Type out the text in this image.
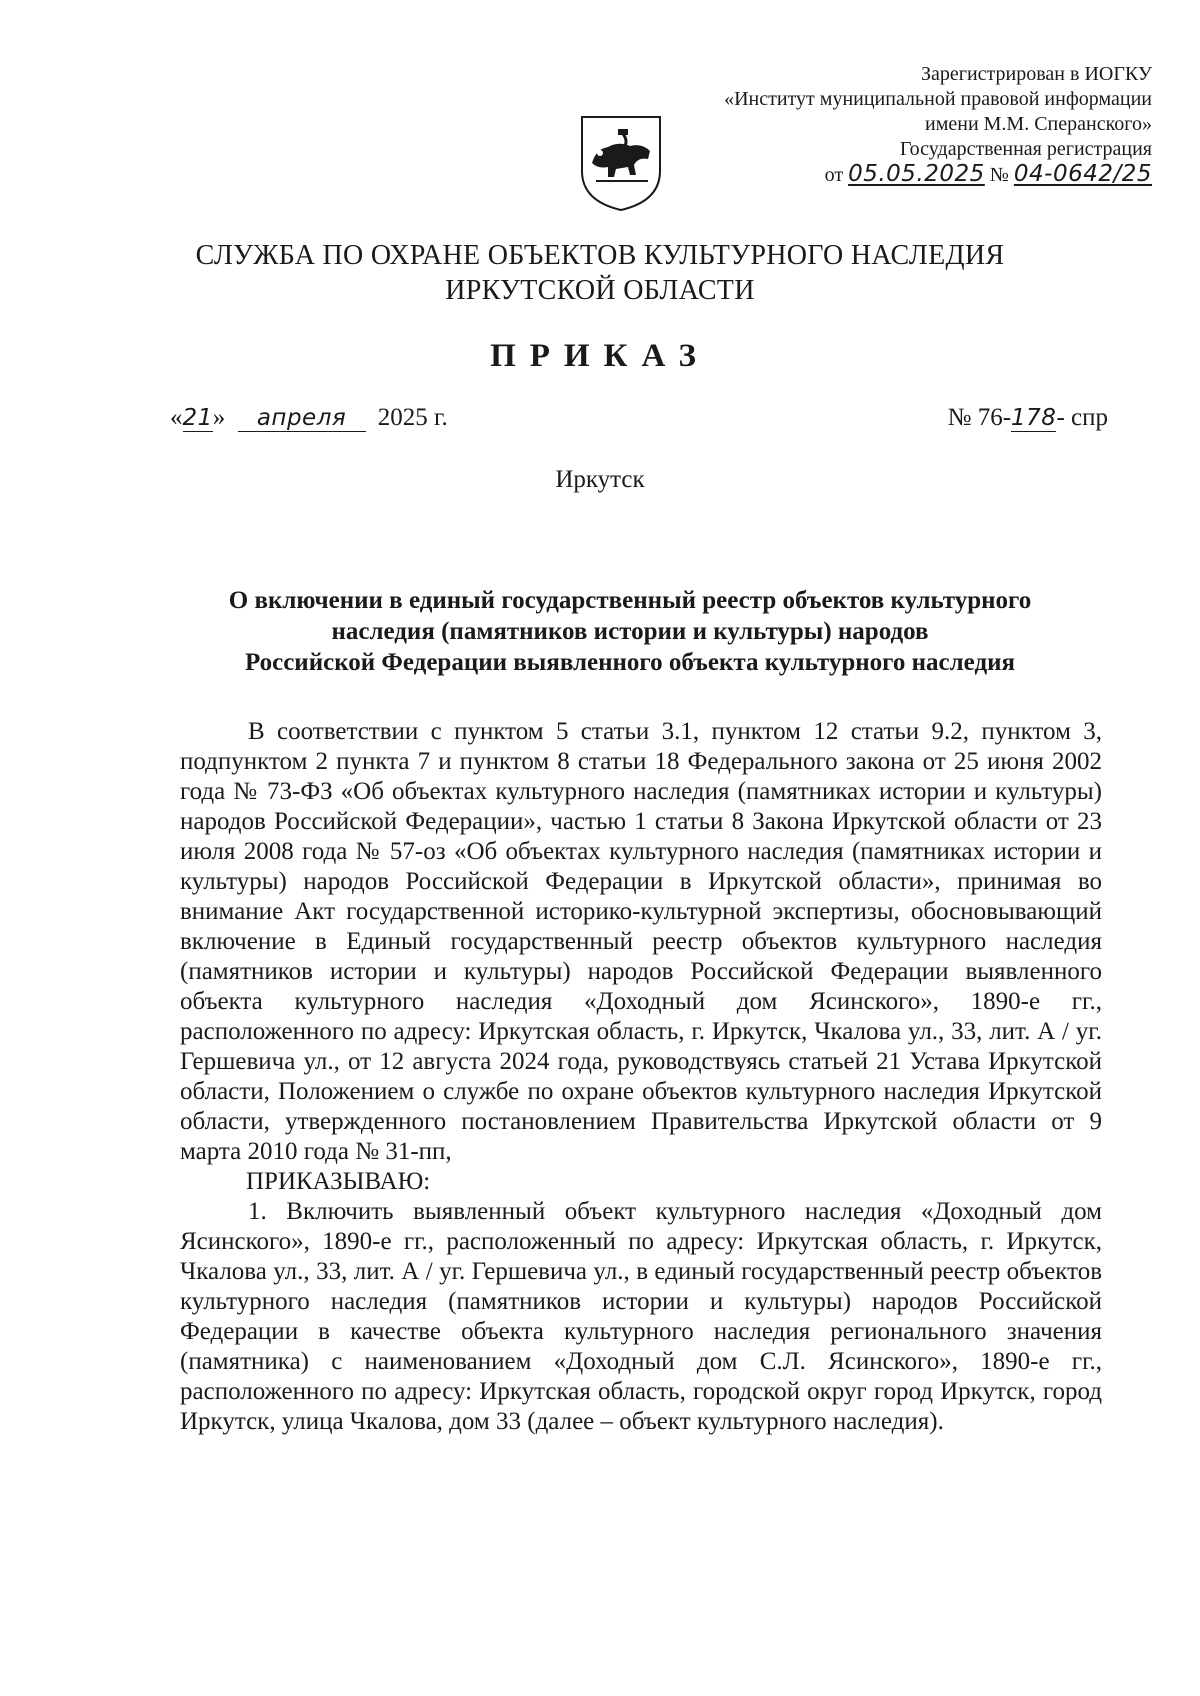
Зарегистрирован в ИОГКУ
«Институт муниципальной правовой информации
имени М.М. Сперанского»
Государственная регистрация
от 05.05.2025 № 04-0642/25
СЛУЖБА ПО ОХРАНЕ ОБЪЕКТОВ КУЛЬТУРНОГО НАСЛЕДИЯ
ИРКУТСКОЙ ОБЛАСТИ
ПРИКАЗ
«21» апреля 2025 г.	№ 76-178- спр
Иркутск
О включении в единый государственный реестр объектов культурного
наследия (памятников истории и культуры) народов
Российской Федерации выявленного объекта культурного наследия

В соответствии с пунктом 5 статьи 3.1, пунктом 12 статьи 9.2, пунктом 3, подпунктом 2 пункта 7 и пунктом 8 статьи 18 Федерального закона от 25 июня 2002 года № 73-ФЗ «Об объектах культурного наследия (памятниках истории и культуры) народов Российской Федерации», частью 1 статьи 8 Закона Иркутской области от 23 июля 2008 года № 57-оз «Об объектах культурного наследия (памятниках истории и культуры) народов Российской Федерации в Иркутской области», принимая во внимание Акт государственной историко-культурной экспертизы, обосновывающий включение в Единый государственный реестр объектов культурного наследия (памятников истории и культуры) народов Российской Федерации выявленного объекта культурного наследия «Доходный дом Ясинского», 1890-е гг., расположенного по адресу: Иркутская область, г. Иркутск, Чкалова ул., 33, лит. А / уг. Гершевича ул., от 12 августа 2024 года, руководствуясь статьей 21 Устава Иркутской области, Положением о службе по охране объектов культурного наследия Иркутской области, утвержденного постановлением Правительства Иркутской области от 9 марта 2010 года № 31-пп,

ПРИКАЗЫВАЮ:

1. Включить выявленный объект культурного наследия «Доходный дом Ясинского», 1890-е гг., расположенный по адресу: Иркутская область, г. Иркутск, Чкалова ул., 33, лит. А / уг. Гершевича ул., в единый государственный реестр объектов культурного наследия (памятников истории и культуры) народов Российской Федерации в качестве объекта культурного наследия регионального значения (памятника) с наименованием «Доходный дом С.Л. Ясинского», 1890-е гг., расположенного по адресу: Иркутская область, городской округ город Иркутск, город Иркутск, улица Чкалова, дом 33 (далее – объект культурного наследия).
